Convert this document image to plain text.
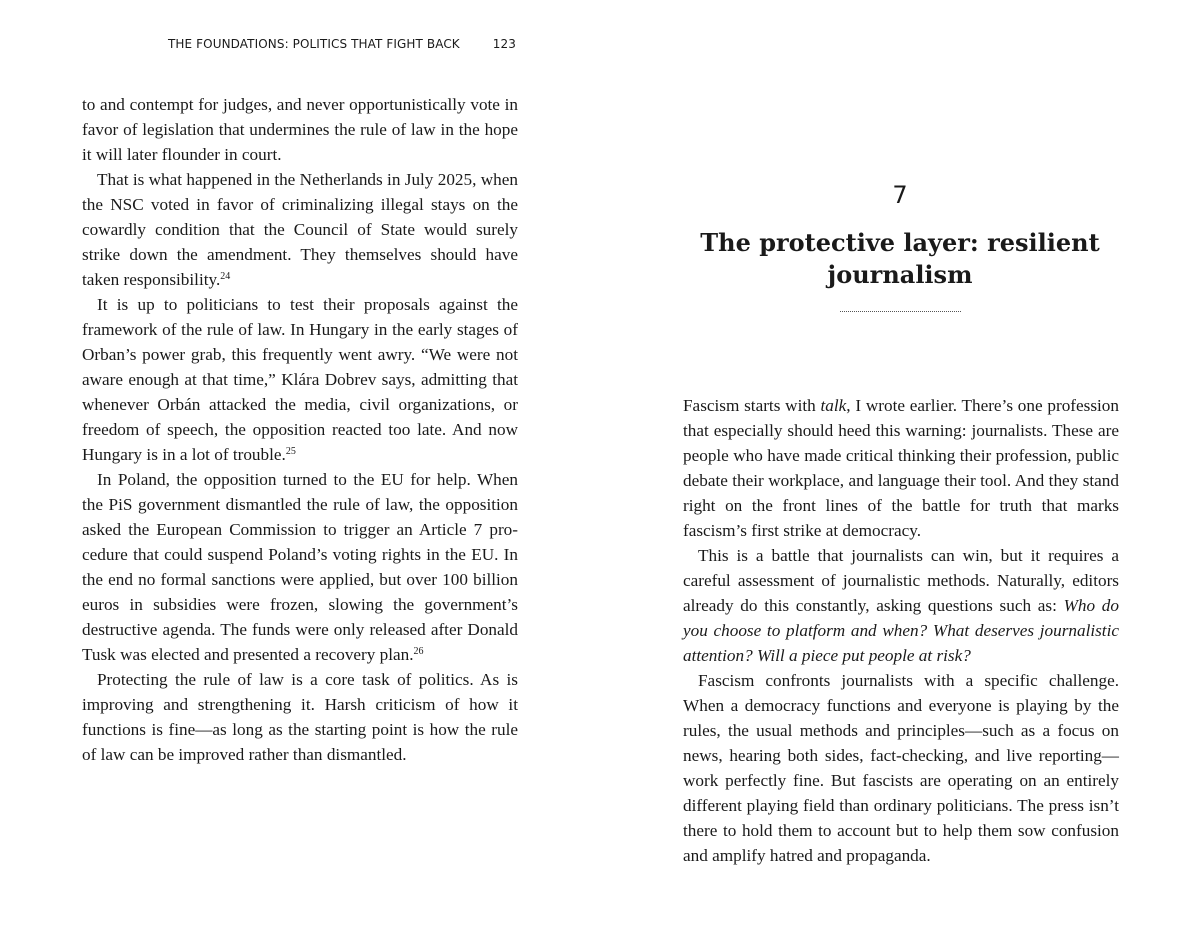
THE FOUNDATIONS: POLITICS THAT FIGHT BACK	123

to and contempt for judges, and never opportunistically vote in favor of legislation that undermines the rule of law in the hope it will later flounder in court.

That is what happened in the Netherlands in July 2025, when the NSC voted in favor of criminalizing illegal stays on the cowardly condition that the Council of State would surely strike down the amendment. They themselves should have taken responsibility.$^{24}$

It is up to politicians to test their proposals against the framework of the rule of law. In Hungary in the early stages of Orban’s power grab, this frequently went awry. “We were not aware enough at that time,” Klára Dobrev says, admitting that whenever Orbán attacked the media, civil organizations, or freedom of speech, the opposition reacted too late. And now Hungary is in a lot of trouble.$^{25}$

In Poland, the opposition turned to the EU for help. When the PiS government dismantled the rule of law, the opposition asked the European Commission to trigger an Article 7 procedure that could suspend Poland’s voting rights in the EU. In the end no formal sanctions were applied, but over 100 billion euros in subsidies were frozen, slowing the government’s destructive agenda. The funds were only released after Donald Tusk was elected and presented a recovery plan.$^{26}$

Protecting the rule of law is a core task of politics. As is improving and strengthening it. Harsh criticism of how it functions is fine—as long as the starting point is how the rule of law can be improved rather than dismantled.

7
The protective layer: resilient journalism

Fascism starts with talk, I wrote earlier. There’s one profession that especially should heed this warning: journalists. These are people who have made critical thinking their profession, public debate their workplace, and language their tool. And they stand right on the front lines of the battle for truth that marks fascism’s first strike at democracy.

This is a battle that journalists can win, but it requires a careful assessment of journalistic methods. Naturally, editors already do this constantly, asking questions such as: Who do you choose to platform and when? What deserves journalistic attention? Will a piece put people at risk?

Fascism confronts journalists with a specific challenge. When a democracy functions and everyone is playing by the rules, the usual methods and principles—such as a focus on news, hearing both sides, fact-checking, and live reporting—work perfectly fine. But fascists are operating on an entirely different playing field than ordinary politicians. The press isn’t there to hold them to account but to help them sow confusion and amplify hatred and propaganda.
